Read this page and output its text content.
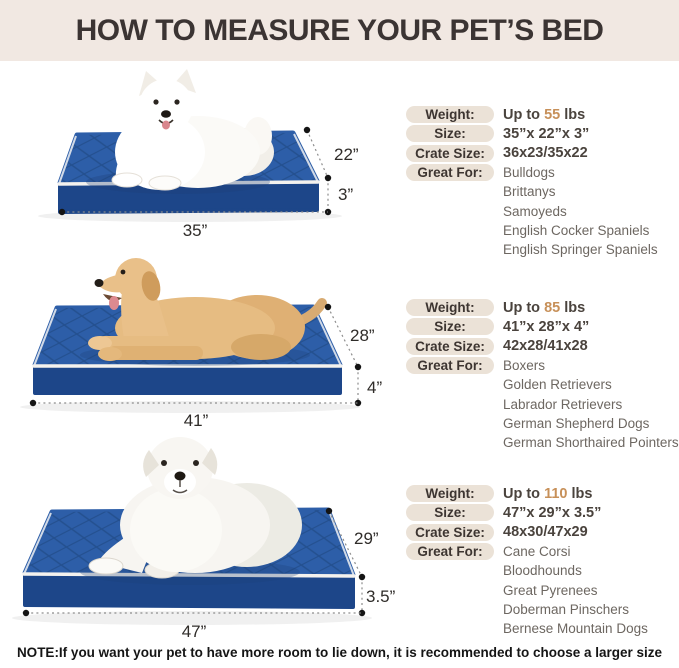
HOW TO MEASURE YOUR PET’S BED
22”
3”
35”
Weight:	Up to 55 lbs
Size:	35”x 22”x 3”
Crate Size:	36x23/35x22
Great For:	Bulldogs
Brittanys
Samoyeds
English Cocker Spaniels
English Springer Spaniels
28”
4”
41”
Weight:	Up to 85 lbs
Size:	41”x 28”x 4”
Crate Size:	42x28/41x28
Great For:	Boxers
Golden Retrievers
Labrador Retrievers
German Shepherd Dogs
German Shorthaired Pointers
29”
3.5”
47”
Weight:	Up to 110 lbs
Size:	47”x 29”x 3.5”
Crate Size:	48x30/47x29
Great For:	Cane Corsi
Bloodhounds
Great Pyrenees
Doberman Pinschers
Bernese Mountain Dogs
NOTE:If you want your pet to have more room to lie down, it is recommended to choose a larger size
